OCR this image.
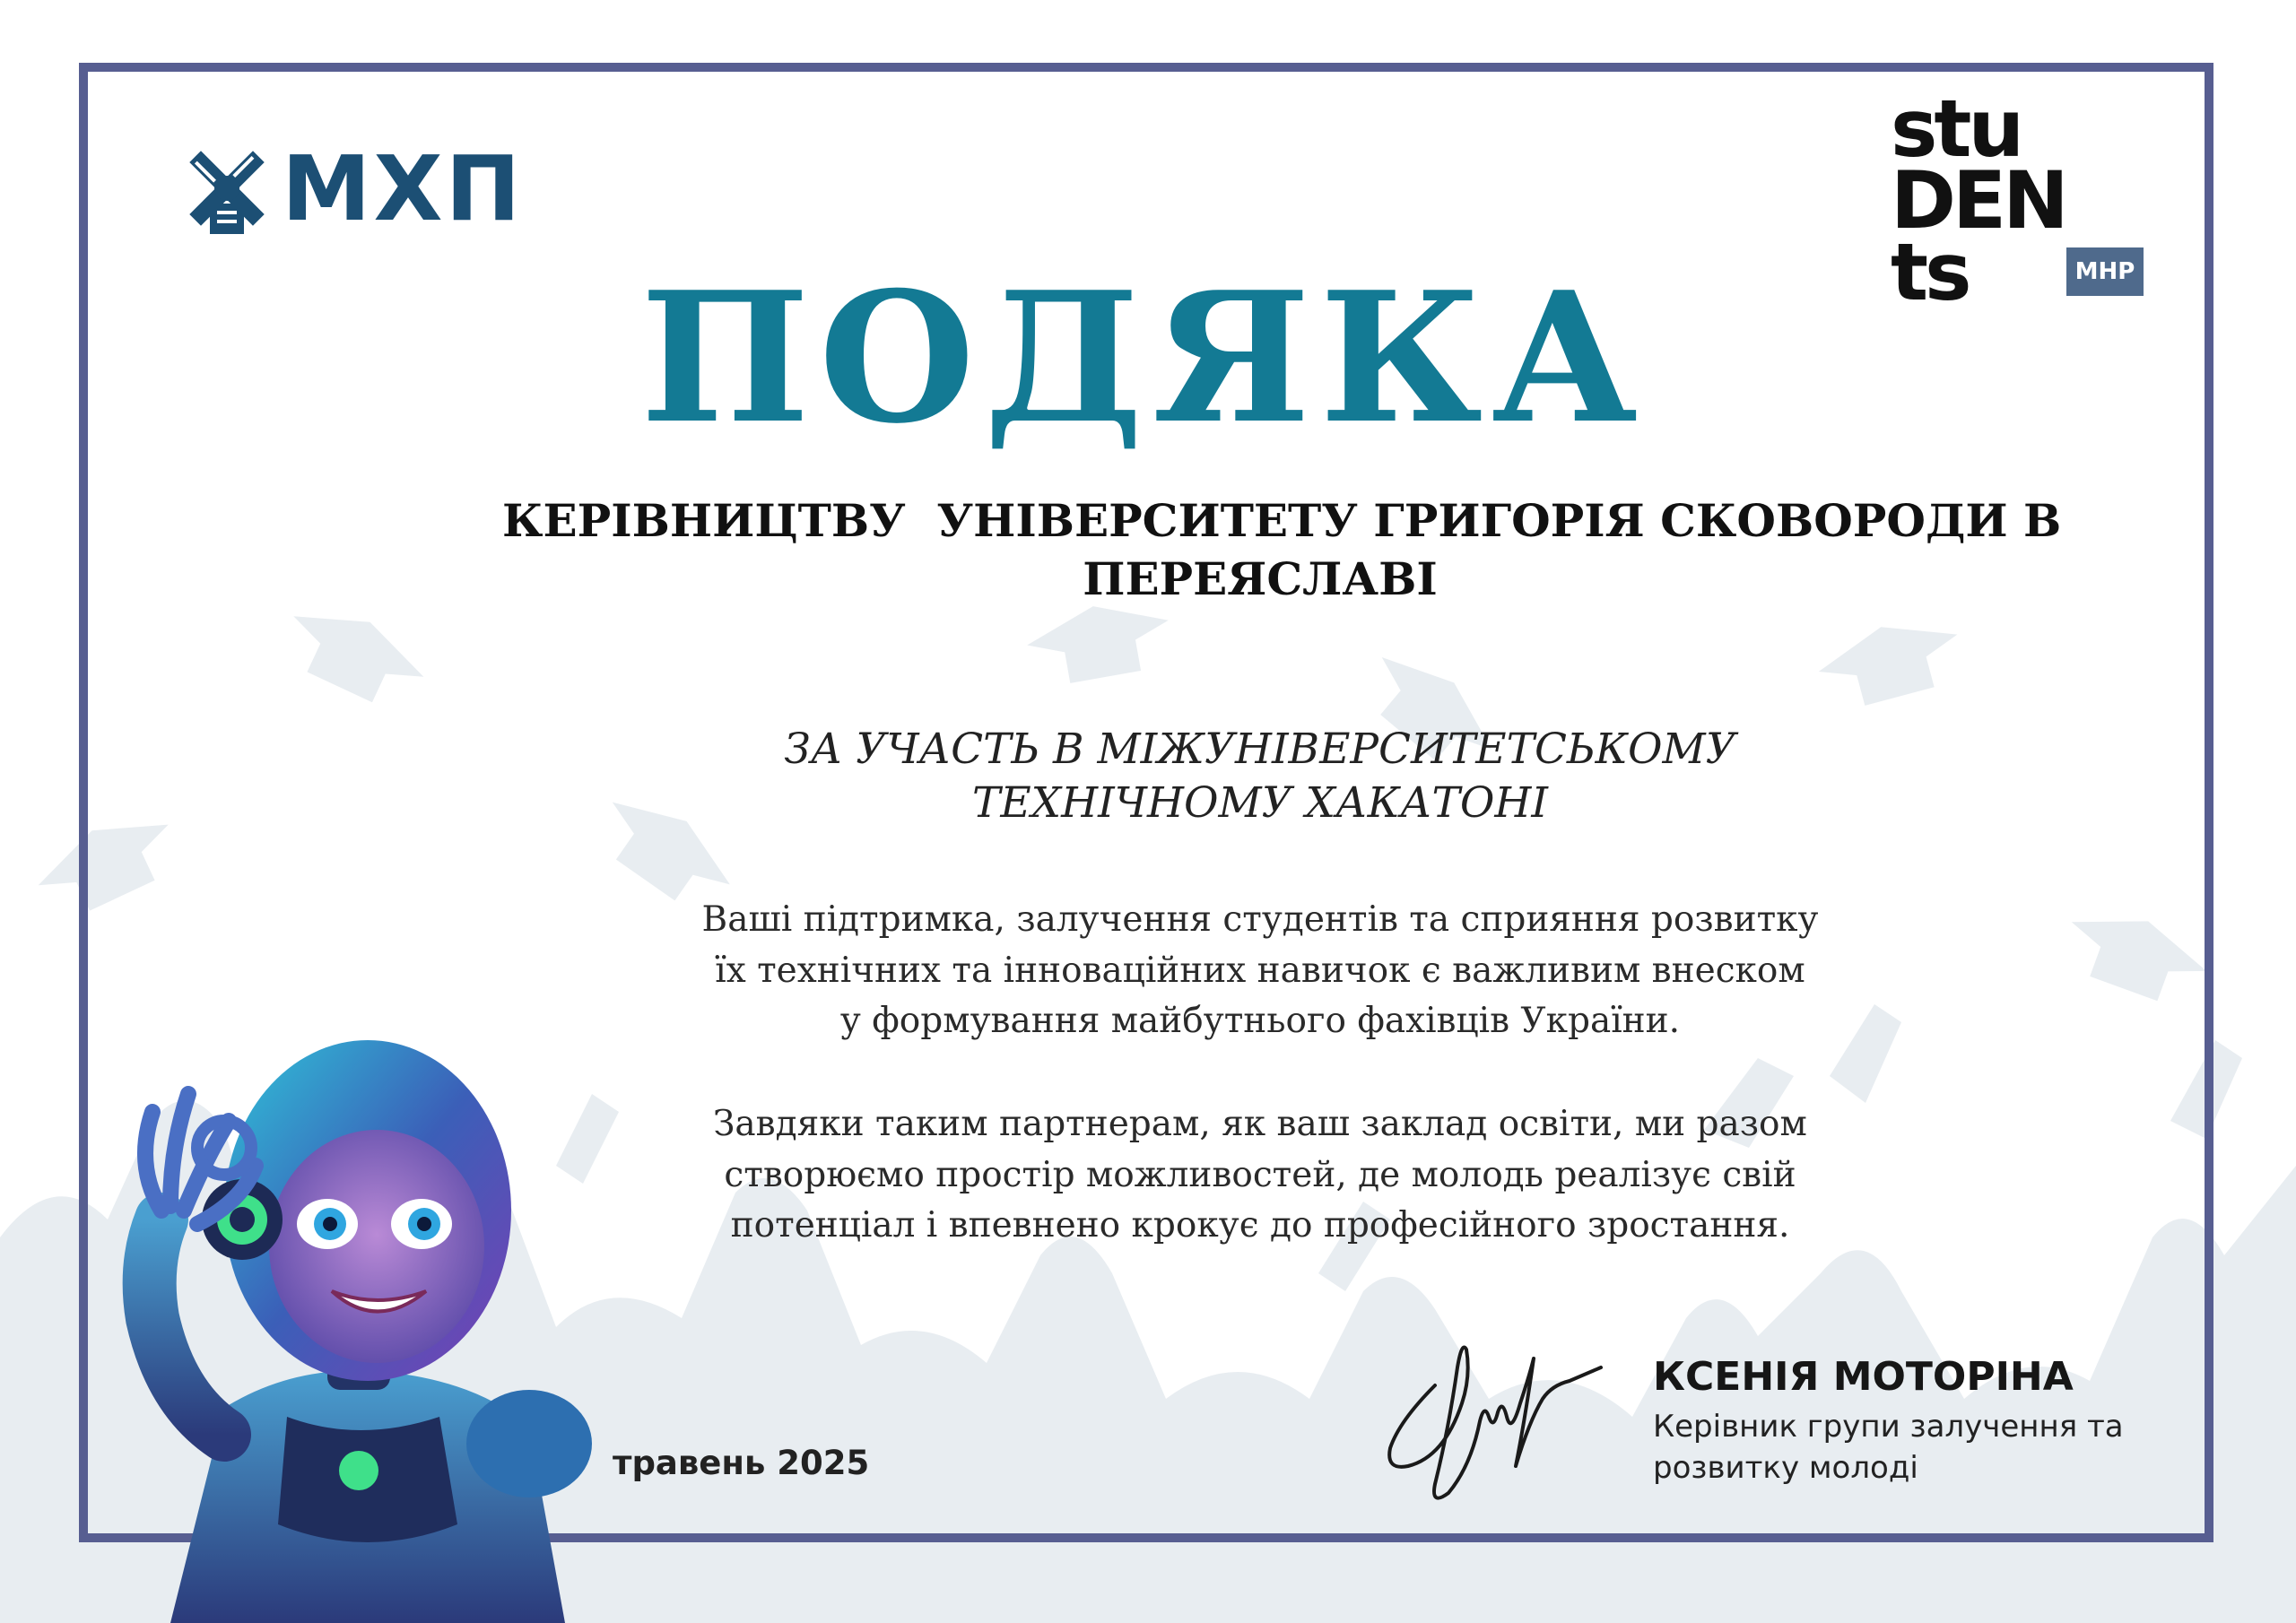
МХП
stu
DEN
ts	МНР
ПОДЯКА
КЕРІВНИЦТВУ  УНІВЕРСИТЕТУ ГРИГОРІЯ СКОВОРОДИ В
ПЕРЕЯСЛАВІ
ЗА УЧАСТЬ В МІЖУНІВЕРСИТЕТСЬКОМУ
ТЕХНІЧНОМУ ХАКАТОНІ
Ваші підтримка, залучення студентів та сприяння розвитку
їх технічних та інноваційних навичок є важливим внеском
у формування майбутнього фахівців України.
Завдяки таким партнерам, як ваш заклад освіти, ми разом
створюємо простір можливостей, де молодь реалізує свій
потенціал і впевнено крокує до професійного зростання.
травень 2025
КСЕНІЯ МОТОРІНА
Керівник групи залучення та
розвитку молоді
